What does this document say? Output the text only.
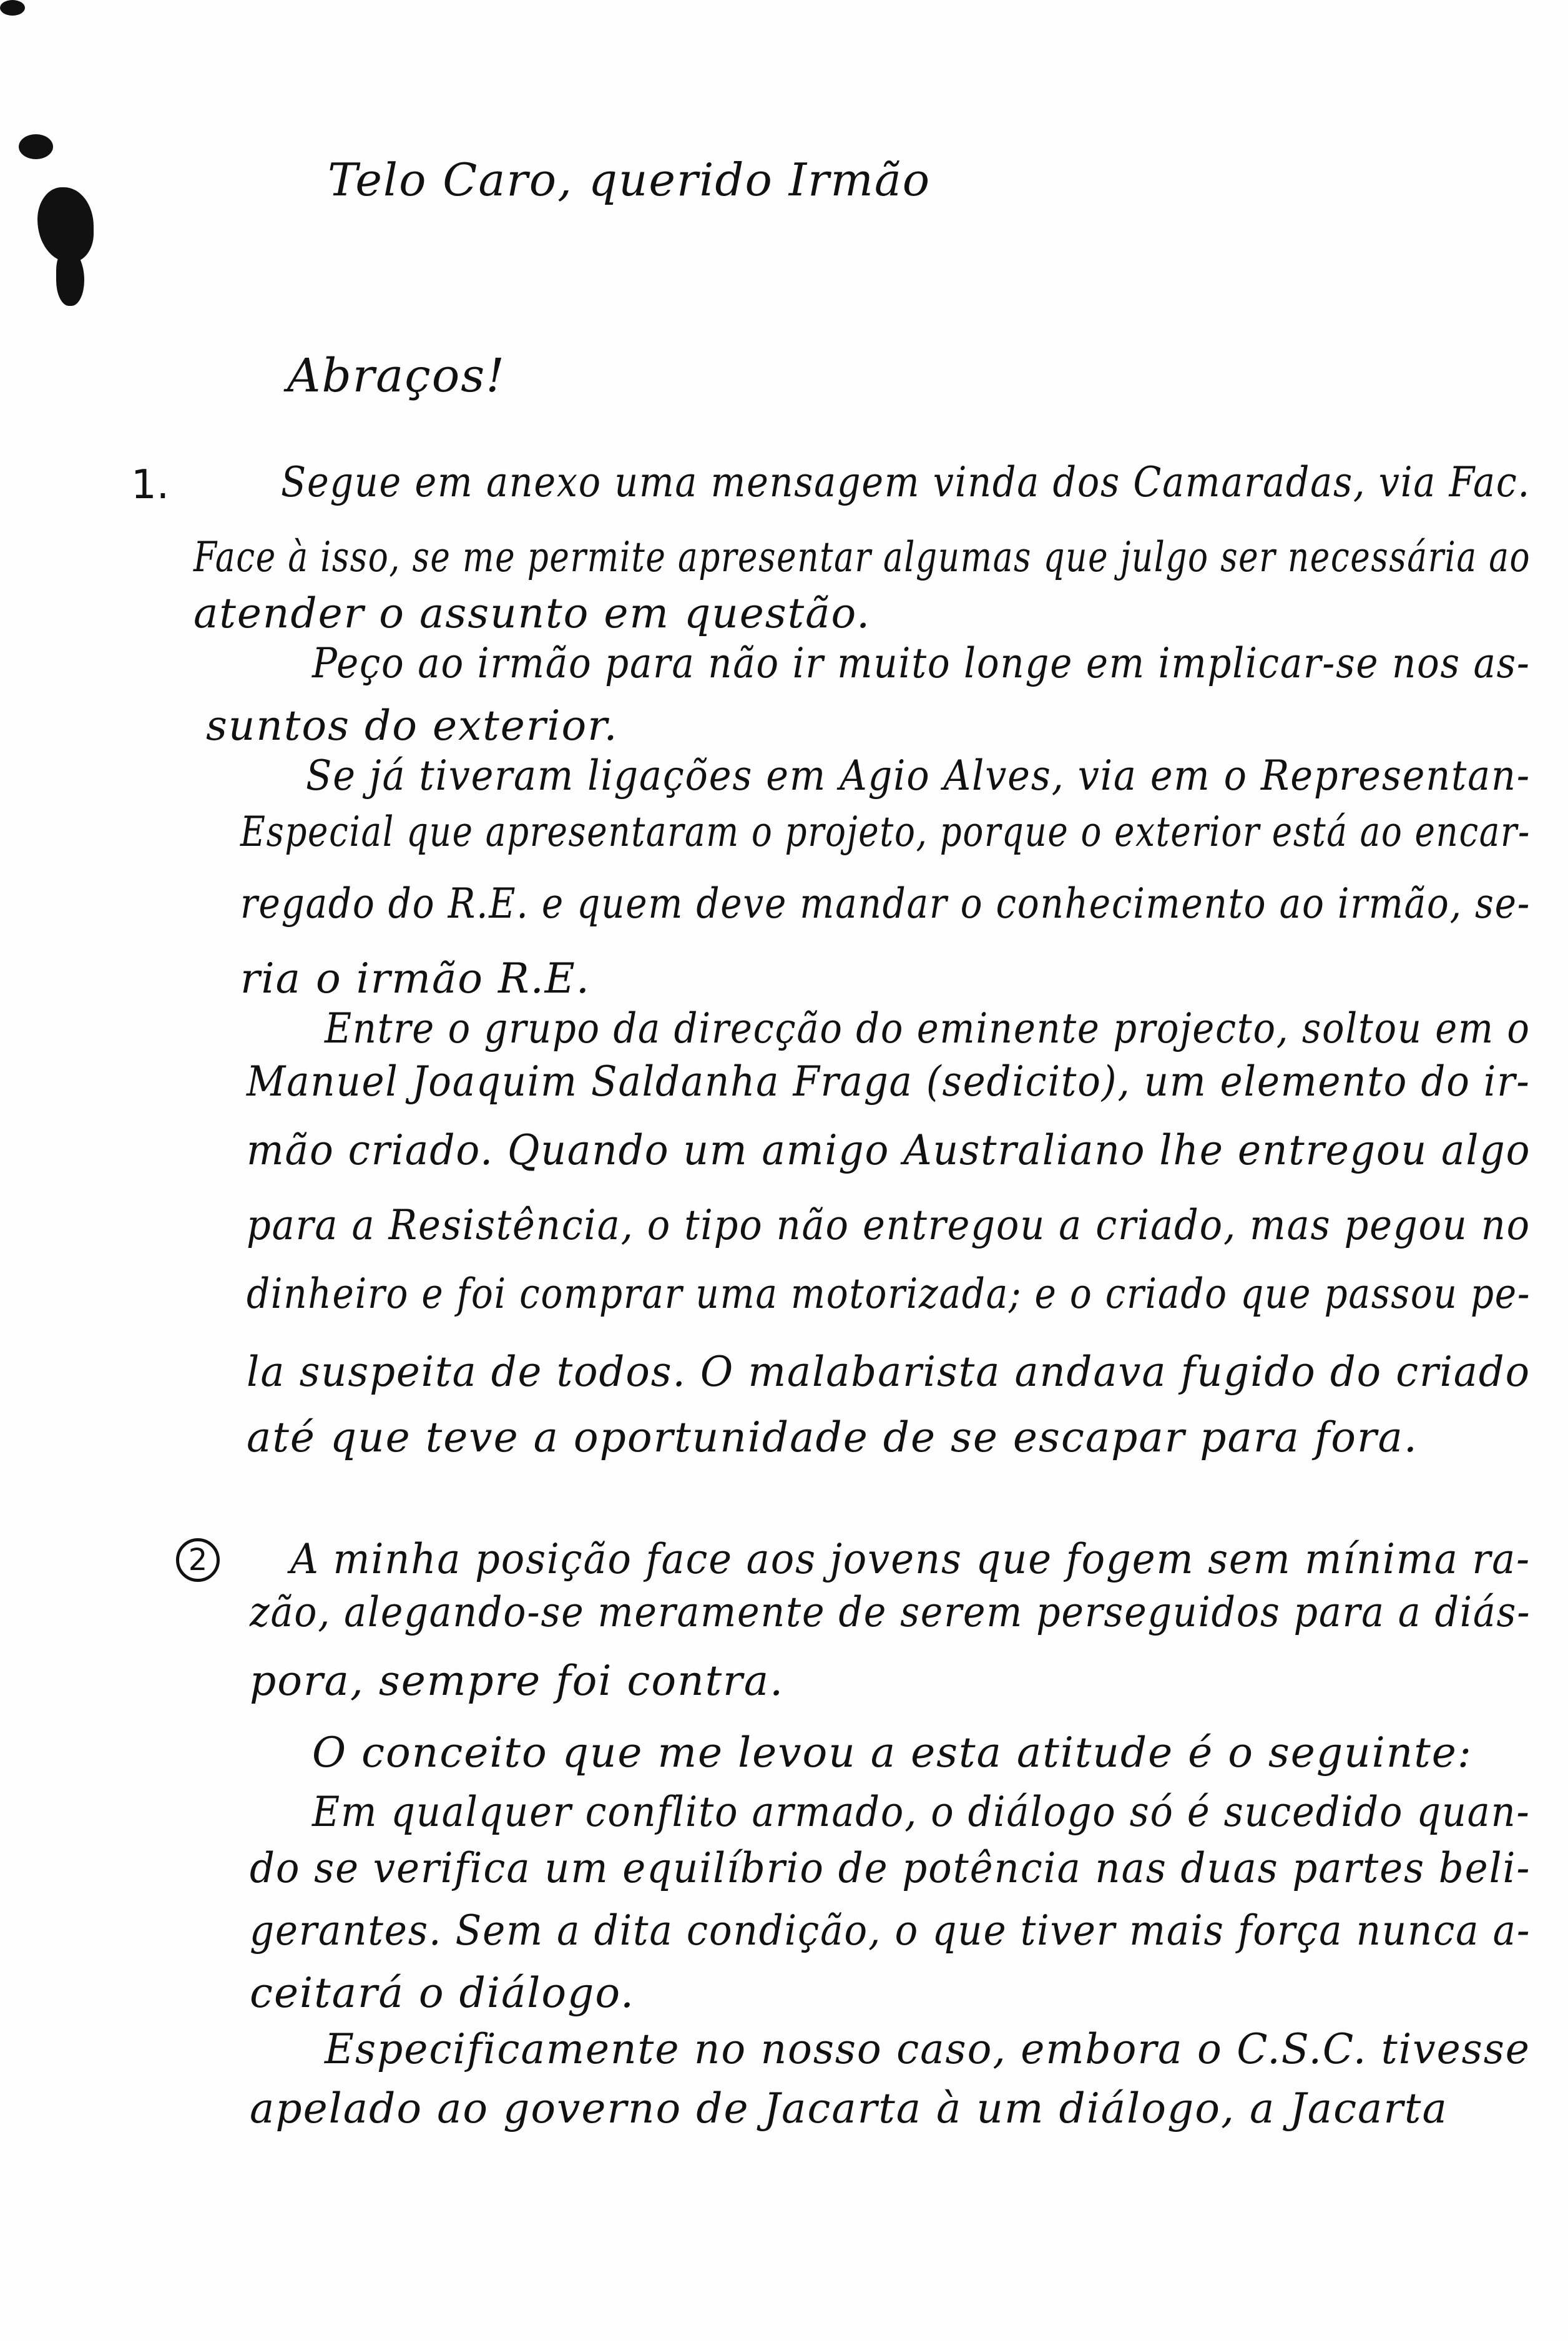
Telo Caro, querido Irmão
Abraços!
1.
2
Segue em anexo uma mensagem vinda dos Camaradas, via Fac.
Face à isso, se me permite apresentar algumas que julgo ser necessária ao
atender o assunto em questão.
Peço ao irmão para não ir muito longe em implicar-se nos as-
suntos do exterior.
Se já tiveram ligações em Agio Alves, via em o Representan-
Especial que apresentaram o projeto, porque o exterior está ao encar-
regado do R.E. e quem deve mandar o conhecimento ao irmão, se-
ria o irmão R.E.
Entre o grupo da direcção do eminente projecto, soltou em o
Manuel Joaquim Saldanha Fraga (sedicito), um elemento do ir-
mão criado. Quando um amigo Australiano lhe entregou algo
para a Resistência, o tipo não entregou a criado, mas pegou no
dinheiro e foi comprar uma motorizada; e o criado que passou pe-
la suspeita de todos. O malabarista andava fugido do criado
até que teve a oportunidade de se escapar para fora.
A minha posição face aos jovens que fogem sem mínima ra-
zão, alegando-se meramente de serem perseguidos para a diás-
pora, sempre foi contra.
O conceito que me levou a esta atitude é o seguinte:
Em qualquer conflito armado, o diálogo só é sucedido quan-
do se verifica um equilíbrio de potência nas duas partes beli-
gerantes. Sem a dita condição, o que tiver mais força nunca a-
ceitará o diálogo.
Especificamente no nosso caso, embora o C.S.C. tivesse
apelado ao governo de Jacarta à um diálogo, a Jacarta
